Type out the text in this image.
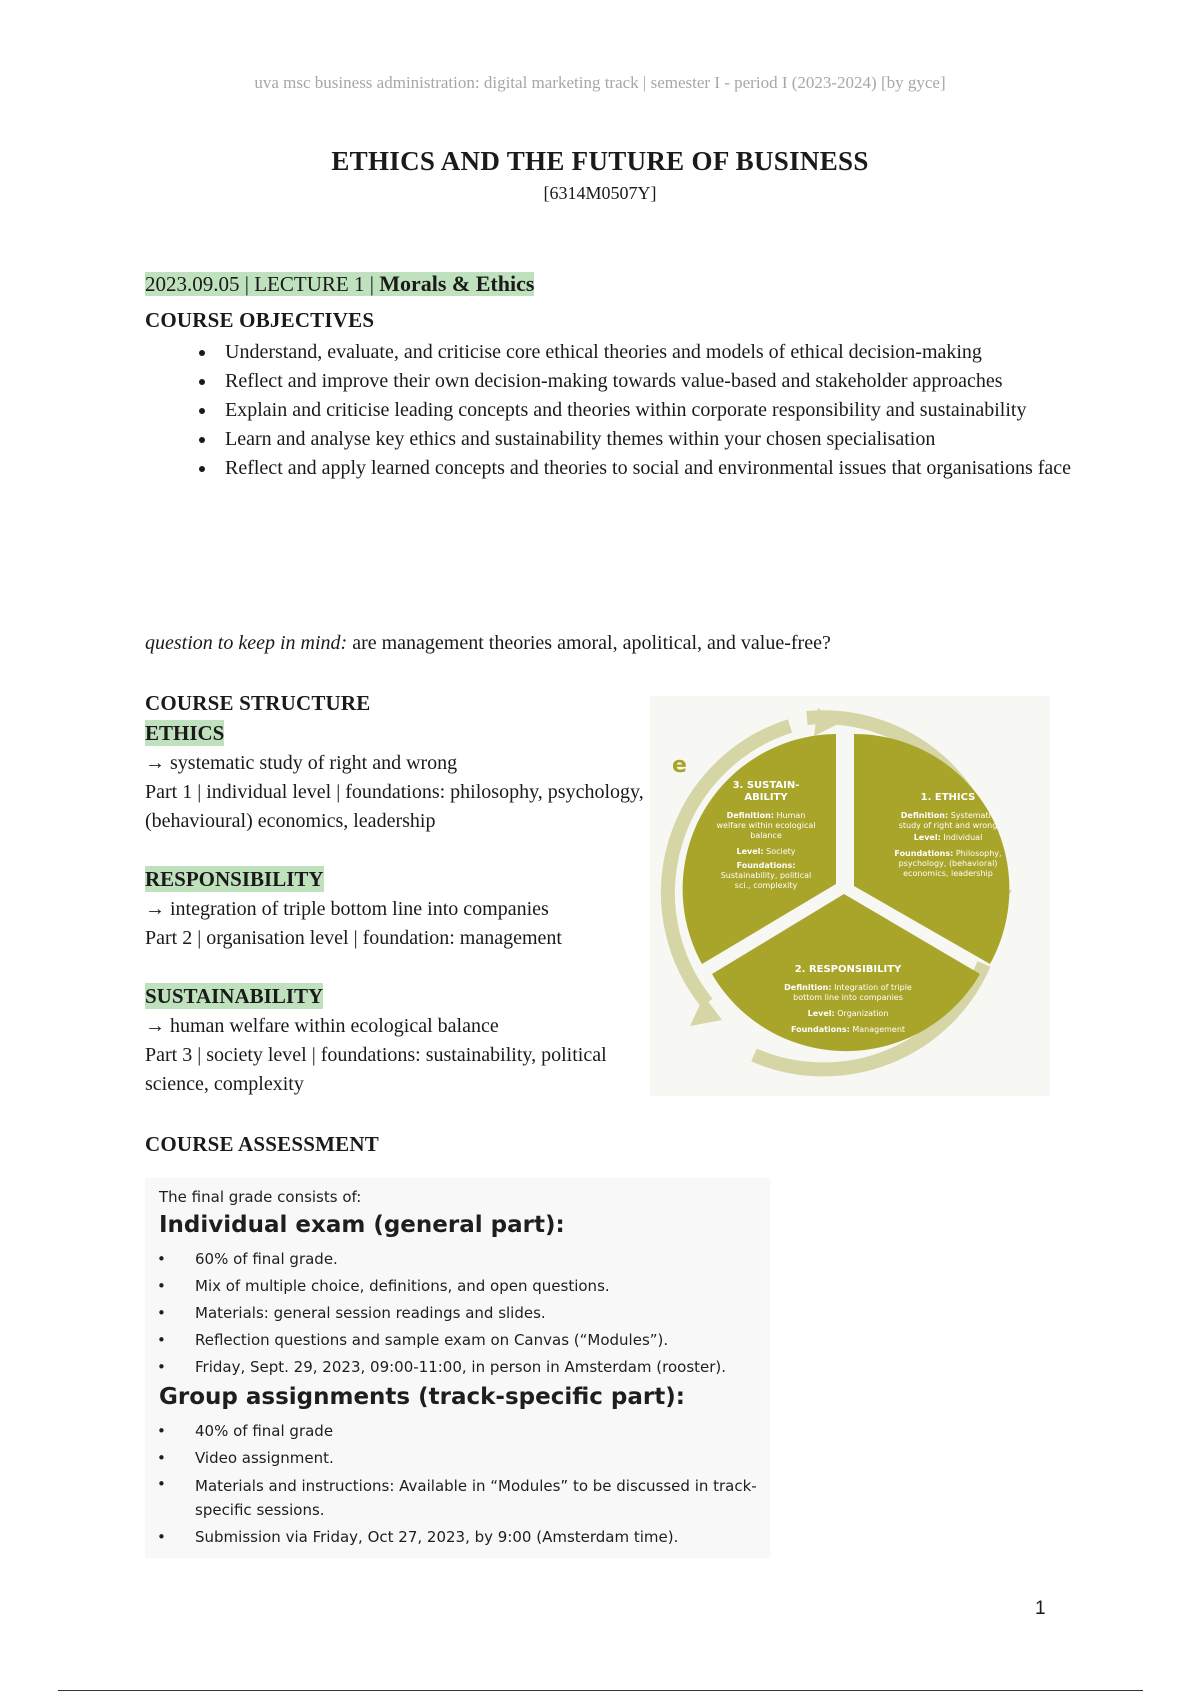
uva msc business administration: digital marketing track | semester I - period I (2023-2024) [by gyce]
ETHICS AND THE FUTURE OF BUSINESS
[6314M0507Y]
2023.09.05 | LECTURE 1 | Morals & Ethics
COURSE OBJECTIVES
• Understand, evaluate, and criticise core ethical theories and models of ethical decision-making
• Reflect and improve their own decision-making towards value-based and stakeholder approaches
• Explain and criticise leading concepts and theories within corporate responsibility and sustainability
• Learn and analyse key ethics and sustainability themes within your chosen specialisation
• Reflect and apply learned concepts and theories to social and environmental issues that organisations face
question to keep in mind: are management theories amoral, apolitical, and value-free?
COURSE STRUCTURE
ETHICS
→ systematic study of right and wrong
Part 1 | individual level | foundations: philosophy, psychology, (behavioural) economics, leadership
RESPONSIBILITY
→ integration of triple bottom line into companies
Part 2 | organisation level | foundation: management
SUSTAINABILITY
→ human welfare within ecological balance
Part 3 | society level | foundations: sustainability, political science, complexity
e
3. SUSTAIN-
ABILITY
Definition: Human
welfare within ecological
balance
Level: Society
Foundations:
Sustainability, political
sci., complexity
1. ETHICS
Definition: Systematic
study of right and wrong
Level: Individual
Foundations: Philosophy,
psychology, (behavioral)
economics, leadership
2. RESPONSIBILITY
Definition: Integration of triple
bottom line into companies
Level: Organization
Foundations: Management
COURSE ASSESSMENT
The final grade consists of:
Individual exam (general part):
• 60% of final grade.
• Mix of multiple choice, definitions, and open questions.
• Materials: general session readings and slides.
• Reflection questions and sample exam on Canvas (“Modules”).
• Friday, Sept. 29, 2023, 09:00-11:00, in person in Amsterdam (rooster).
Group assignments (track-specific part):
• 40% of final grade
• Video assignment.
• Materials and instructions: Available in “Modules” to be discussed in track-specific sessions.
• Submission via Friday, Oct 27, 2023, by 9:00 (Amsterdam time).
1
